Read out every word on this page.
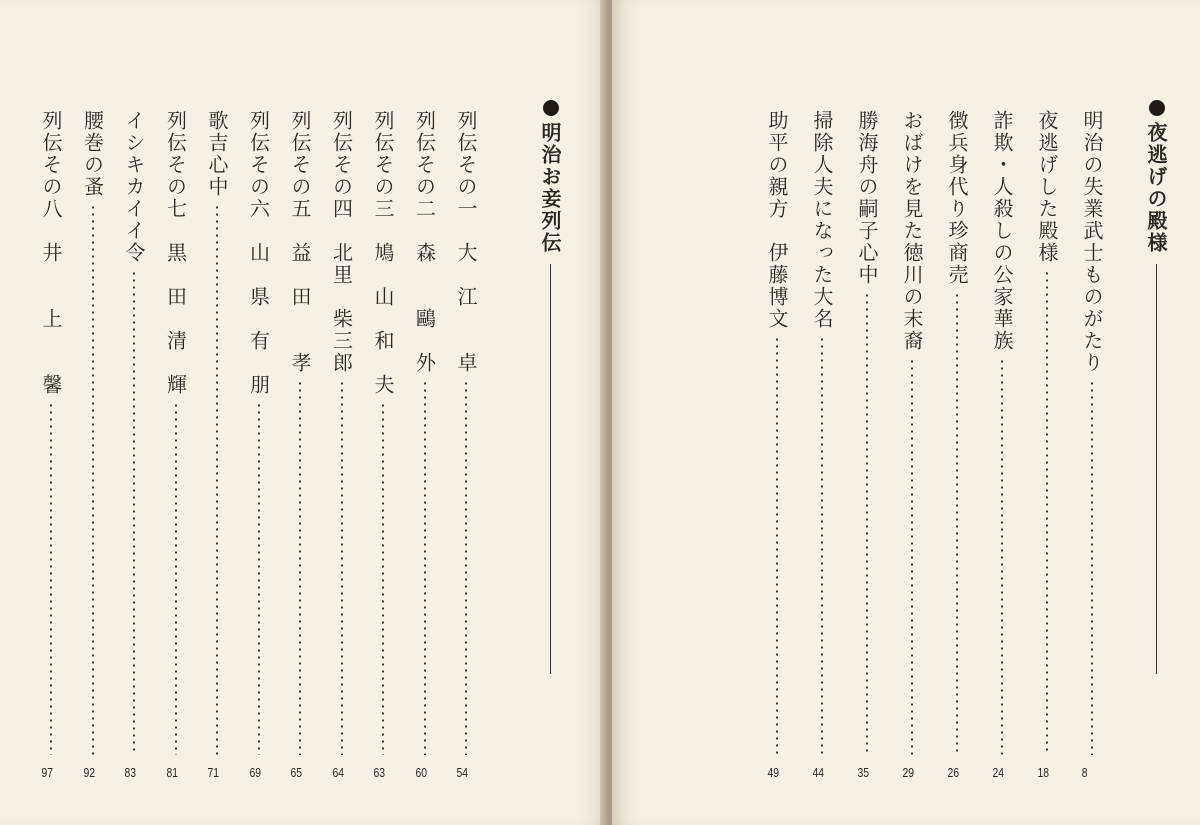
明治お妾列伝
列伝その一　大　江　　卓
54
列伝その二　森　　鷗　外
60
列伝その三　鳩　山　和　夫
63
列伝その四　北里　柴三郎
64
列伝その五　益　田　　孝
65
列伝その六　山　県　有　朋
69
歌吉心中
71
列伝その七　黒　田　清　輝
81
イシキカイイ令
83
腰巻の蚤
92
列伝その八　井　　上　　馨
97
夜逃げの殿様
明治の失業武士ものがたり
8
夜逃げした殿様
18
詐欺・人殺しの公家華族
24
徴兵身代り珍商売
26
おばけを見た徳川の末裔
29
勝海舟の嗣子心中
35
掃除人夫になった大名
44
助平の親方　伊藤博文
49
